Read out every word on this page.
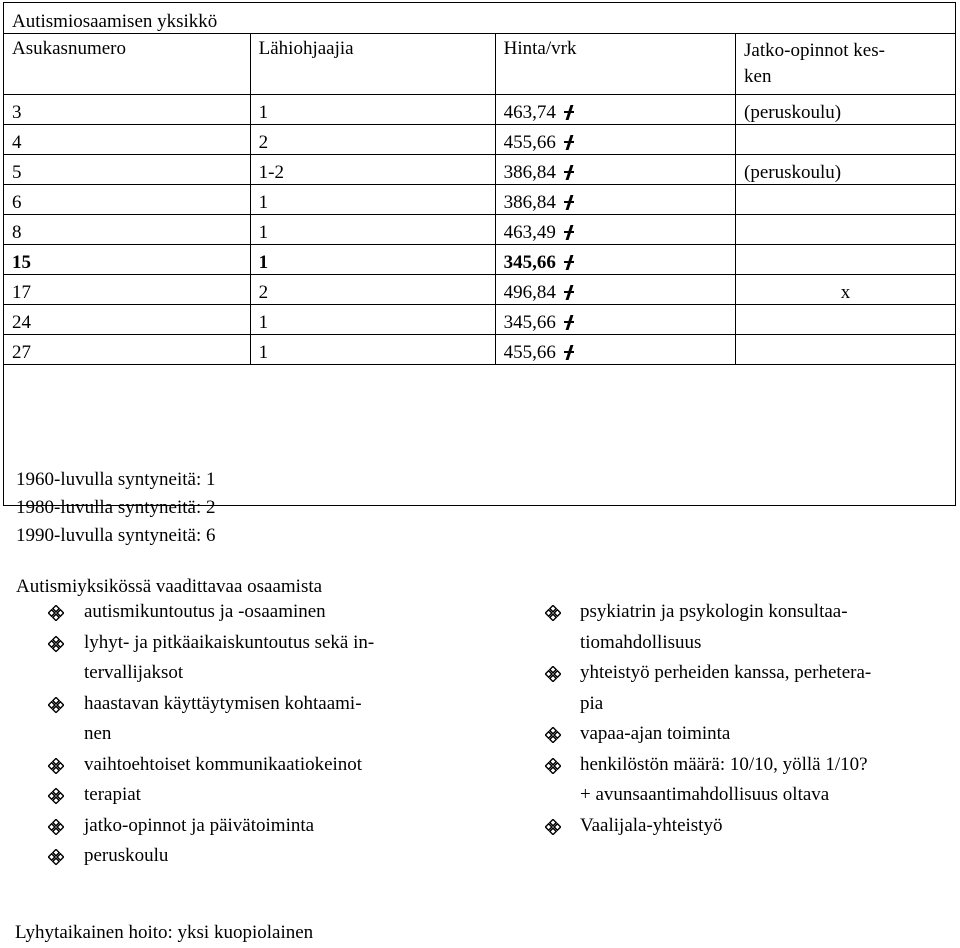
Autismiosaamisen yksikkö			
Asukasnumero	Lähiohjaajia	Hinta/vrk	Jatko-opinnot kes-
ken
3	1	463,74	(peruskoulu)
4	2	455,66	
5	1-2	386,84	(peruskoulu)
6	1	386,84	
8	1	463,49	
15	1	345,66	
17	2	496,84	x
24	1	345,66	
27	1	455,66	

1960-luvulla syntyneitä: 1
1980-luvulla syntyneitä: 2
1990-luvulla syntyneitä: 6
Autismiyksikössä vaadittavaa osaamista
autismikuntoutus ja -osaaminen
lyhyt- ja pitkäaikaiskuntoutus sekä in-
tervallijaksot
haastavan käyttäytymisen kohtaami-
nen
vaihtoehtoiset kommunikaatiokeinot
terapiat
jatko-opinnot ja päivätoiminta
peruskoulu
psykiatrin ja psykologin konsultaa-
tiomahdollisuus
yhteistyö perheiden kanssa, perhetera-
pia
vapaa-ajan toiminta
henkilöstön määrä: 10/10, yöllä 1/10?
+ avunsaantimahdollisuus oltava
Vaalijala-yhteistyö
Lyhytaikainen hoito: yksi kuopiolainen
